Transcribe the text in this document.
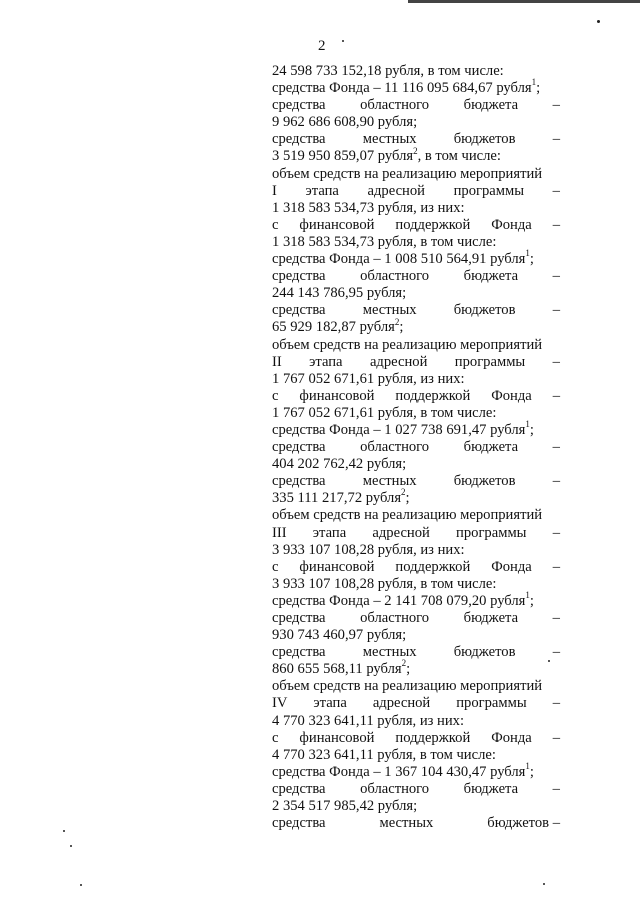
2
24 598 733 152,18 рубля, в том числе:
средства Фонда – 11 116 095 684,67 рубля$^1$;
средства областного бюджета –
9 962 686 608,90 рубля;
средства	местных	бюджетов	–
3 519 950 859,07 рубля$^2$, в том числе:
объем средств на реализацию мероприятий
I этапа адресной программы –
1 318 583 534,73 рубля, из них:
с финансовой поддержкой Фонда –
1 318 583 534,73 рубля, в том числе:
средства Фонда – 1 008 510 564,91 рубля$^1$;
средства областного бюджета –
244 143 786,95 рубля;
средства	местных	бюджетов	–
65 929 182,87 рубля$^2$;
объем средств на реализацию мероприятий
II этапа адресной программы –
1 767 052 671,61 рубля, из них:
с финансовой поддержкой Фонда –
1 767 052 671,61 рубля, в том числе:
средства Фонда – 1 027 738 691,47 рубля$^1$;
средства областного бюджета –
404 202 762,42 рубля;
средства	местных	бюджетов	–
335 111 217,72 рубля$^2$;
объем средств на реализацию мероприятий
III этапа адресной программы –
3 933 107 108,28 рубля, из них:
с финансовой поддержкой Фонда –
3 933 107 108,28 рубля, в том числе:
средства Фонда – 2 141 708 079,20 рубля$^1$;
средства областного бюджета –
930 743 460,97 рубля;
средства	местных	бюджетов	–
860 655 568,11 рубля$^2$;
объем средств на реализацию мероприятий
IV этапа адресной программы –
4 770 323 641,11 рубля, из них:
с финансовой поддержкой Фонда –
4 770 323 641,11 рубля, в том числе:
средства Фонда – 1 367 104 430,47 рубля$^1$;
средства областного бюджета –
2 354 517 985,42 рубля;
средства	местных	бюджетов –
